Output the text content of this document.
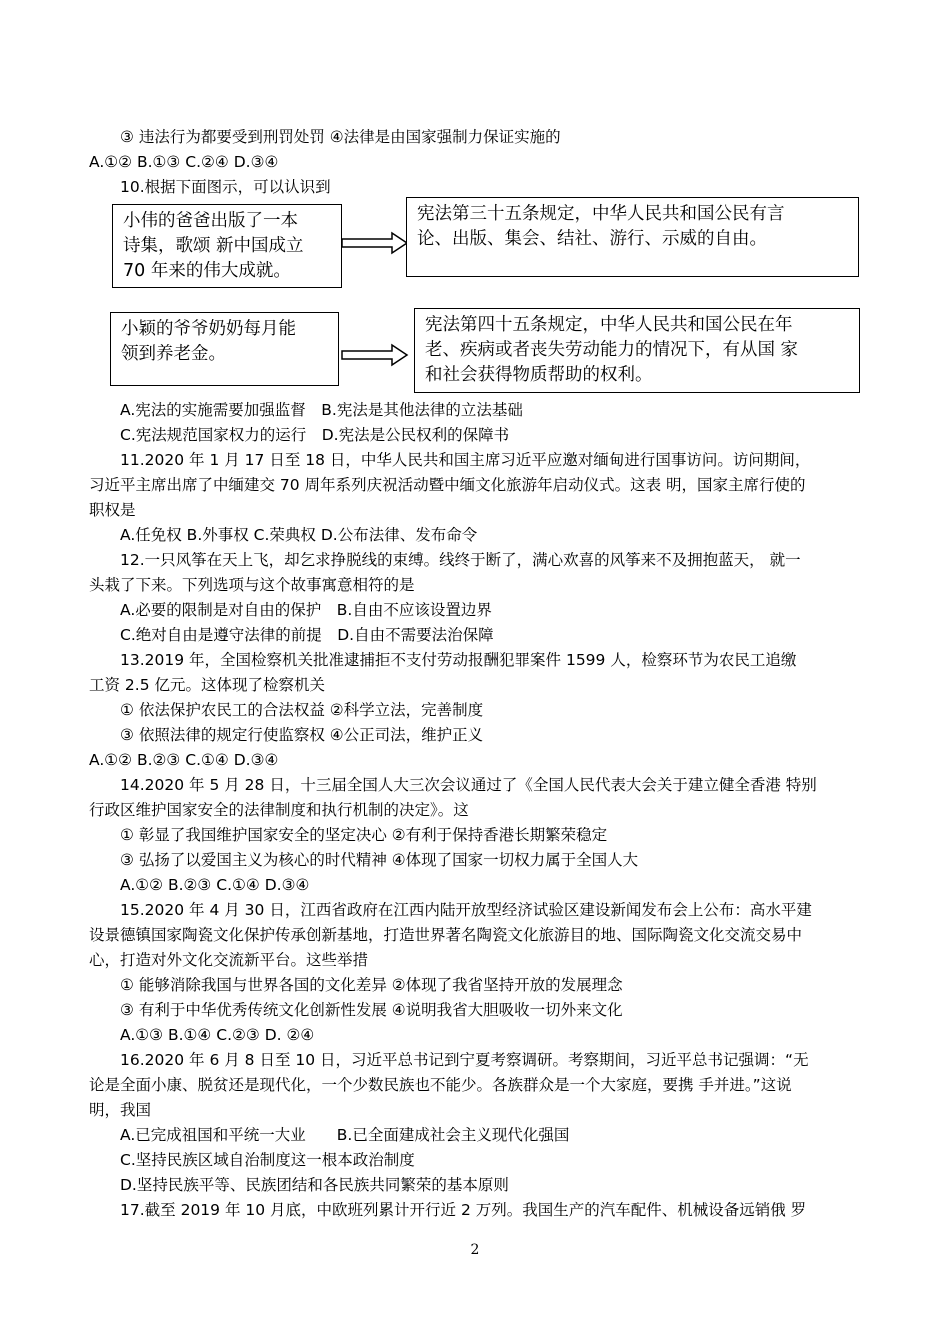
③ 违法行为都要受到刑罚处罚 ④法律是由国家强制力保证实施的
A.①② B.①③ C.②④ D.③④
10.根据下面图示，可以认识到
小伟的爸爸出版了一本
诗集，歌颂 新中国成立
70 年来的伟大成就。
宪法第三十五条规定，中华人民共和国公民有言
论、出版、集会、结社、游行、示威的自由。
小颖的爷爷奶奶每月能
领到养老金。
宪法第四十五条规定，中华人民共和国公民在年
老、疾病或者丧失劳动能力的情况下，有从国 家
和社会获得物质帮助的权利。
A.宪法的实施需要加强监督　B.宪法是其他法律的立法基础
C.宪法规范国家权力的运行　D.宪法是公民权利的保障书
11.2020 年 1 月 17 日至 18 日，中华人民共和国主席习近平应邀对缅甸进行国事访问。访问期间，
习近平主席出席了中缅建交 70 周年系列庆祝活动暨中缅文化旅游年启动仪式。这表 明，国家主席行使的
职权是
A.任免权 B.外事权 C.荣典权 D.公布法律、发布命令
12.一只风筝在天上飞，却乞求挣脱线的束缚。线终于断了，满心欢喜的风筝来不及拥抱蓝天， 就一
头栽了下来。下列选项与这个故事寓意相符的是
A.必要的限制是对自由的保护　B.自由不应该设置边界
C.绝对自由是遵守法律的前提　D.自由不需要法治保障
13.2019 年，全国检察机关批准逮捕拒不支付劳动报酬犯罪案件 1599 人，检察环节为农民工追缴
工资 2.5 亿元。这体现了检察机关
① 依法保护农民工的合法权益 ②科学立法，完善制度
③ 依照法律的规定行使监察权 ④公正司法，维护正义
A.①② B.②③ C.①④ D.③④
14.2020 年 5 月 28 日，十三届全国人大三次会议通过了《全国人民代表大会关于建立健全香港 特别
行政区维护国家安全的法律制度和执行机制的决定》。这
① 彰显了我国维护国家安全的坚定决心 ②有利于保持香港长期繁荣稳定
③ 弘扬了以爱国主义为核心的时代精神 ④体现了国家一切权力属于全国人大
A.①② B.②③ C.①④ D.③④
15.2020 年 4 月 30 日，江西省政府在江西内陆开放型经济试验区建设新闻发布会上公布：高水平建
设景德镇国家陶瓷文化保护传承创新基地，打造世界著名陶瓷文化旅游目的地、国际陶瓷文化交流交易中
心，打造对外文化交流新平台。这些举措
① 能够消除我国与世界各国的文化差异 ②体现了我省坚持开放的发展理念
③ 有利于中华优秀传统文化创新性发展 ④说明我省大胆吸收一切外来文化
A.①③ B.①④ C.②③ D. ②④
16.2020 年 6 月 8 日至 10 日，习近平总书记到宁夏考察调研。考察期间，习近平总书记强调：“无
论是全面小康、脱贫还是现代化，一个少数民族也不能少。各族群众是一个大家庭，要携 手并进。”这说
明，我国
A.已完成祖国和平统一大业　　B.已全面建成社会主义现代化强国
C.坚持民族区域自治制度这一根本政治制度
D.坚持民族平等、民族团结和各民族共同繁荣的基本原则
17.截至 2019 年 10 月底，中欧班列累计开行近 2 万列。我国生产的汽车配件、机械设备远销俄 罗
2
